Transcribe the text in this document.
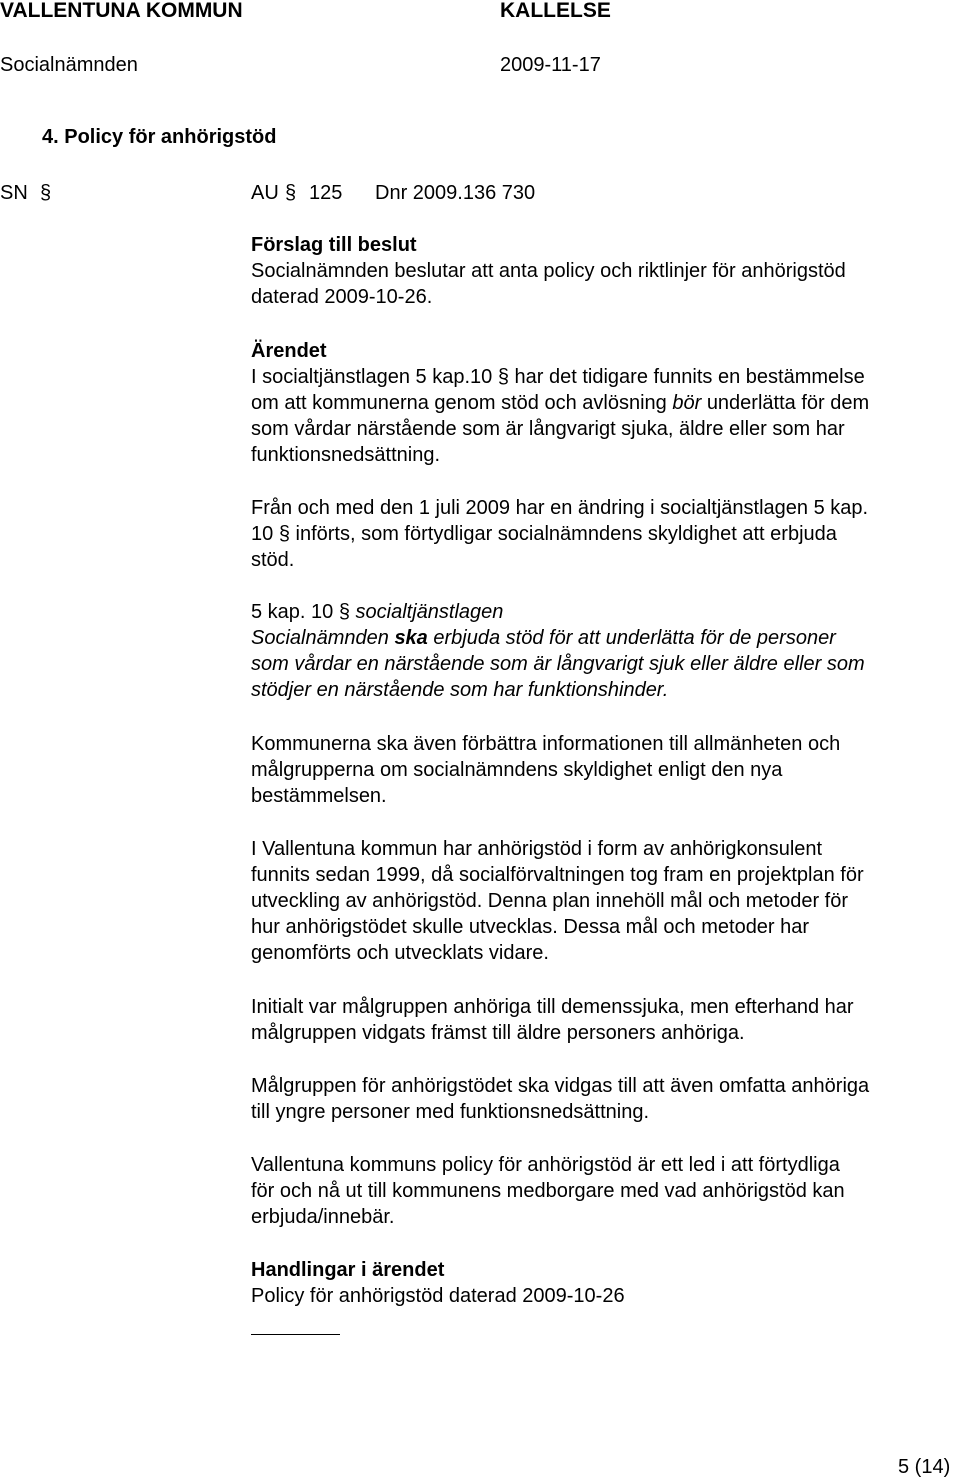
VALLENTUNA KOMMUN	KALLELSE
Socialnämnden	2009-11-17
4. Policy för anhörigstöd
SN §	AU § 125 Dnr 2009.136 730
Förslag till beslut
Socialnämnden beslutar att anta policy och riktlinjer för anhörigstöd
daterad 2009-10-26.
Ärendet
I socialtjänstlagen 5 kap.10 § har det tidigare funnits en bestämmelse
om att kommunerna genom stöd och avlösning bör underlätta för dem
som vårdar närstående som är långvarigt sjuka, äldre eller som har
funktionsnedsättning.
Från och med den 1 juli 2009 har en ändring i socialtjänstlagen 5 kap.
10 § införts, som förtydligar socialnämndens skyldighet att erbjuda
stöd.
5 kap. 10 § socialtjänstlagen
Socialnämnden ska erbjuda stöd för att underlätta för de personer
som vårdar en närstående som är långvarigt sjuk eller äldre eller som
stödjer en närstående som har funktionshinder.
Kommunerna ska även förbättra informationen till allmänheten och
målgrupperna om socialnämndens skyldighet enligt den nya
bestämmelsen.
I Vallentuna kommun har anhörigstöd i form av anhörigkonsulent
funnits sedan 1999, då socialförvaltningen tog fram en projektplan för
utveckling av anhörigstöd. Denna plan innehöll mål och metoder för
hur anhörigstödet skulle utvecklas. Dessa mål och metoder har
genomförts och utvecklats vidare.
Initialt var målgruppen anhöriga till demenssjuka, men efterhand har
målgruppen vidgats främst till äldre personers anhöriga.
Målgruppen för anhörigstödet ska vidgas till att även omfatta anhöriga
till yngre personer med funktionsnedsättning.
Vallentuna kommuns policy för anhörigstöd är ett led i att förtydliga
för och nå ut till kommunens medborgare med vad anhörigstöd kan
erbjuda/innebär.
Handlingar i ärendet
Policy för anhörigstöd daterad 2009-10-26
5 (14)
